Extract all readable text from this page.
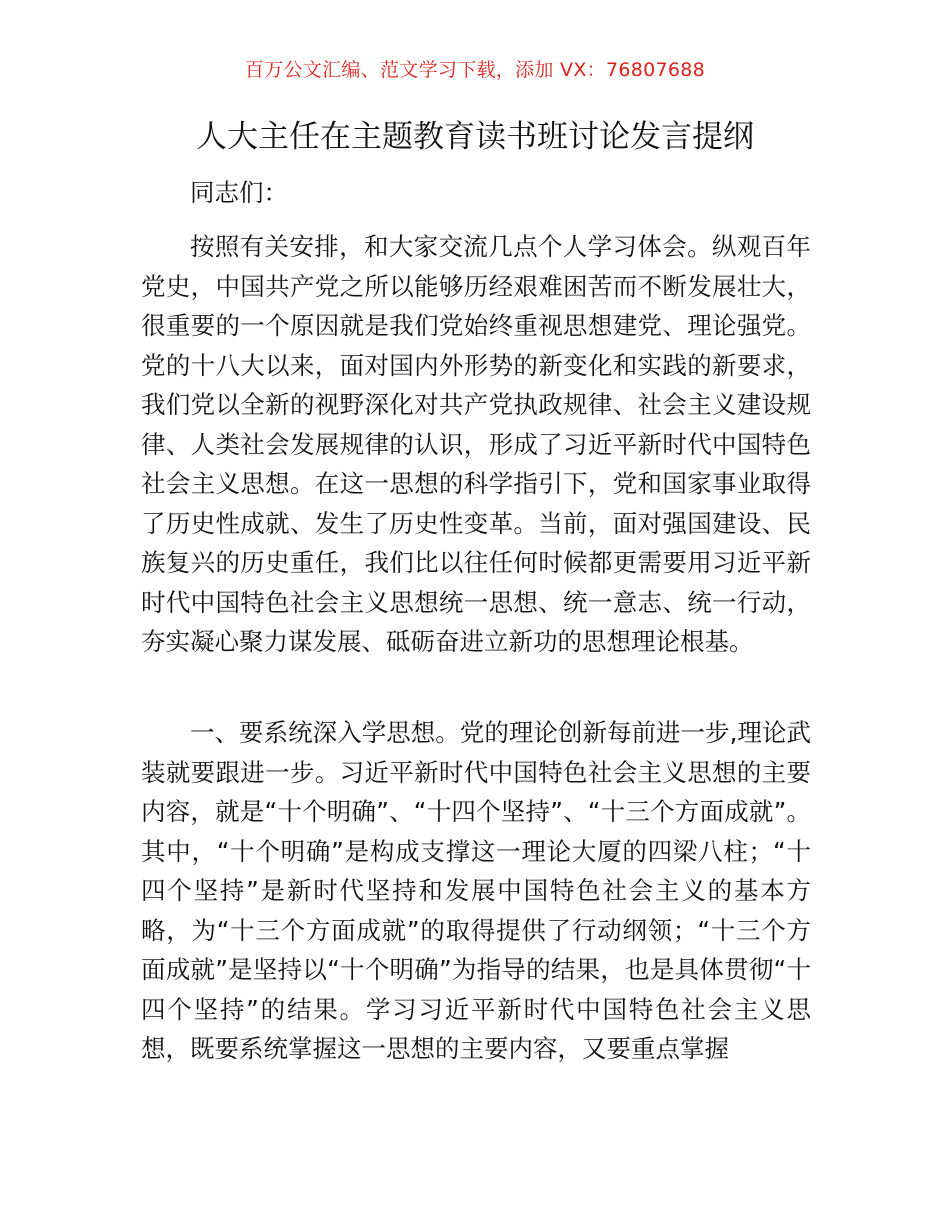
百万公文汇编、范文学习下载，添加 VX：76807688
人大主任在主题教育读书班讨论发言提纲
同志们：

按照有关安排，和大家交流几点个人学习体会。纵观百年党史，中国共产党之所以能够历经艰难困苦而不断发展壮大，很重要的一个原因就是我们党始终重视思想建党、理论强党。党的十八大以来，面对国内外形势的新变化和实践的新要求，我们党以全新的视野深化对共产党执政规律、社会主义建设规律、人类社会发展规律的认识，形成了习近平新时代中国特色社会主义思想。在这一思想的科学指引下，党和国家事业取得了历史性成就、发生了历史性变革。当前，面对强国建设、民族复兴的历史重任，我们比以往任何时候都更需要用习近平新时代中国特色社会主义思想统一思想、统一意志、统一行动，夯实凝心聚力谋发展、砥砺奋进立新功的思想理论根基。

一、要系统深入学思想。党的理论创新每前进一步,理论武装就要跟进一步。习近平新时代中国特色社会主义思想的主要内容，就是“十个明确”、“十四个坚持”、“十三个方面成就”。其中，“十个明确”是构成支撑这一理论大厦的四梁八柱；“十四个坚持”是新时代坚持和发展中国特色社会主义的基本方略，为“十三个方面成就”的取得提供了行动纲领；“十三个方面成就”是坚持以“十个明确”为指导的结果，也是具体贯彻“十四个坚持”的结果。学习习近平新时代中国特色社会主义思想，既要系统掌握这一思想的主要内容，又要重点掌握
